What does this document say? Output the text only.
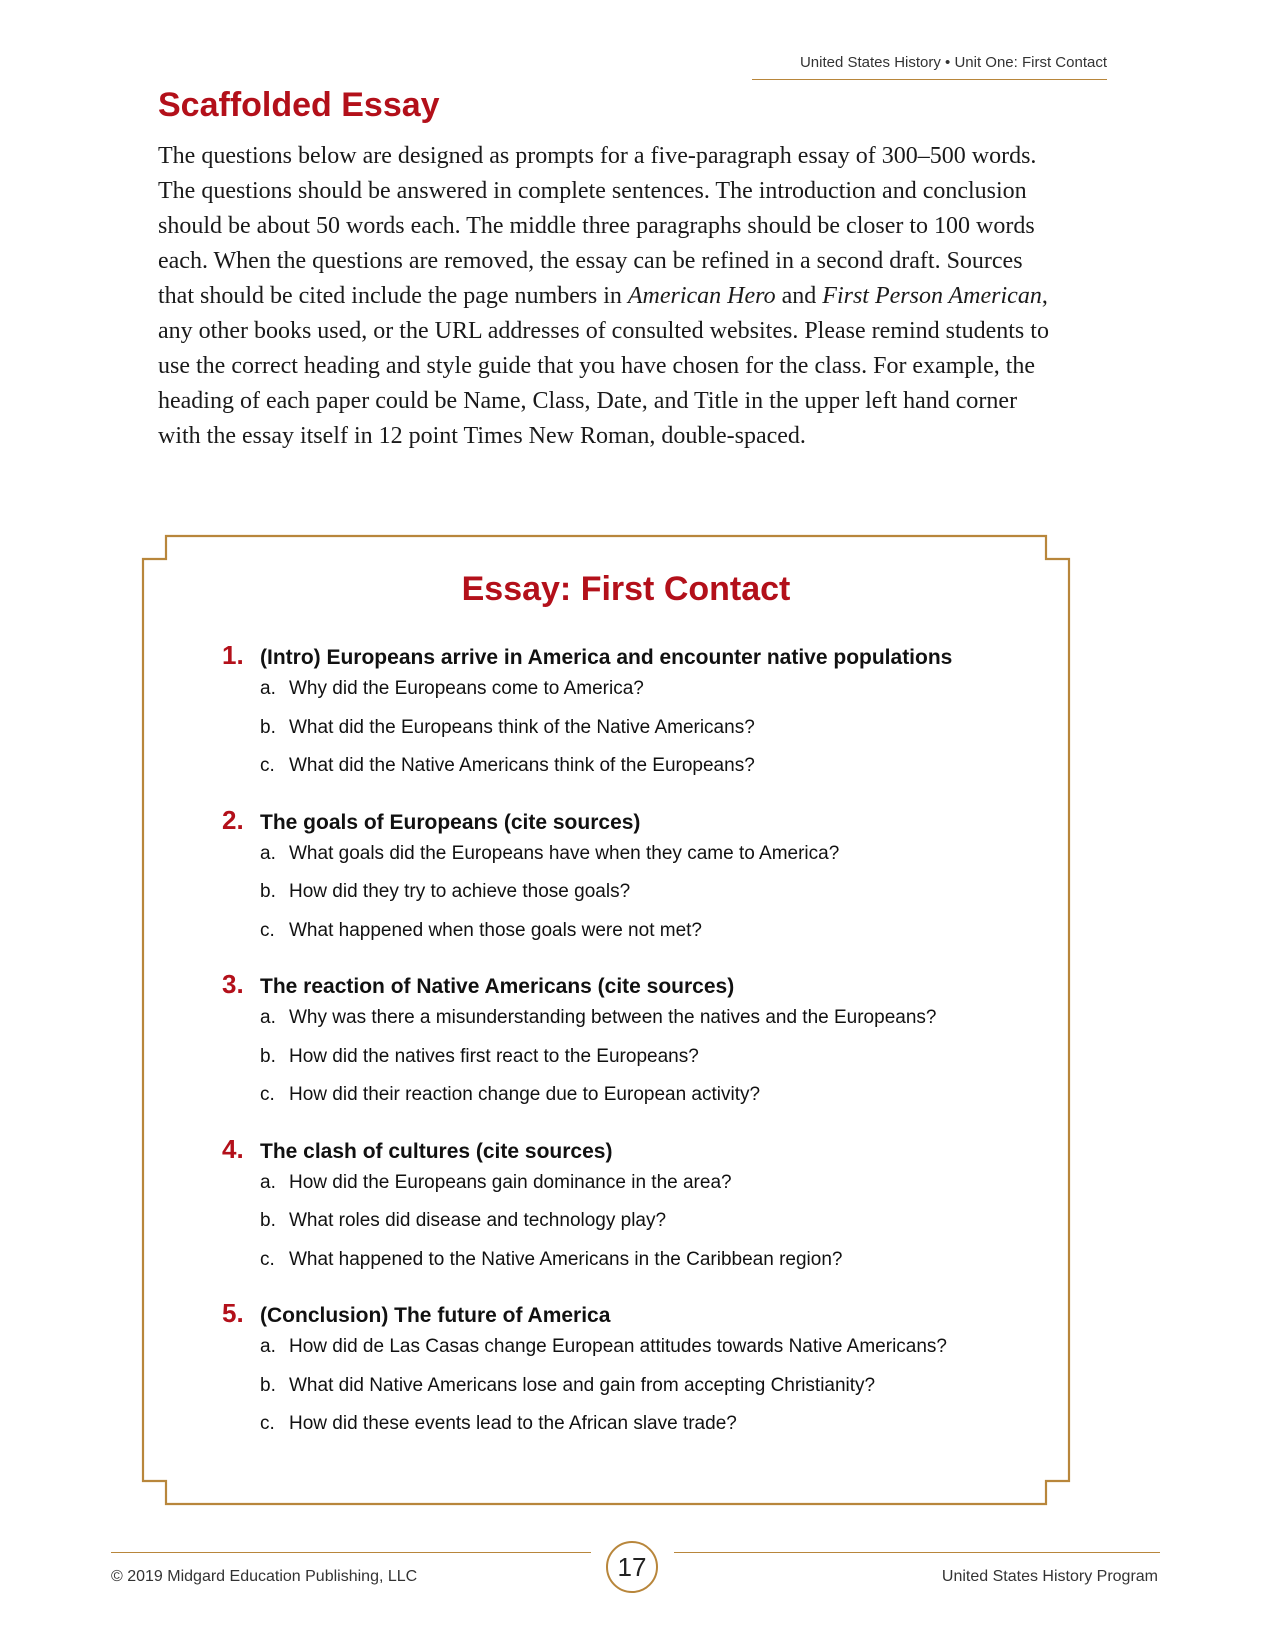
United States History • Unit One: First Contact
Scaffolded Essay

The questions below are designed as prompts for a five-paragraph essay of 300–500 words. The questions should be answered in complete sentences. The introduction and conclusion should be about 50 words each. The middle three paragraphs should be closer to 100 words each. When the questions are removed, the essay can be refined in a second draft. Sources that should be cited include the page numbers in American Hero and First Person American, any other books used, or the URL addresses of consulted websites. Please remind students to use the correct heading and style guide that you have chosen for the class. For example, the heading of each paper could be Name, Class, Date, and Title in the upper left hand corner with the essay itself in 12 point Times New Roman, double-spaced.

Essay: First Contact
1. (Intro) Europeans arrive in America and encounter native populations
a. Why did the Europeans come to America?
b. What did the Europeans think of the Native Americans?
c. What did the Native Americans think of the Europeans?
2. The goals of Europeans (cite sources)
a. What goals did the Europeans have when they came to America?
b. How did they try to achieve those goals?
c. What happened when those goals were not met?
3. The reaction of Native Americans (cite sources)
a. Why was there a misunderstanding between the natives and the Europeans?
b. How did the natives first react to the Europeans?
c. How did their reaction change due to European activity?
4. The clash of cultures (cite sources)
a. How did the Europeans gain dominance in the area?
b. What roles did disease and technology play?
c. What happened to the Native Americans in the Caribbean region?
5. (Conclusion) The future of America
a. How did de Las Casas change European attitudes towards Native Americans?
b. What did Native Americans lose and gain from accepting Christianity?
c. How did these events lead to the African slave trade?
© 2019 Midgard Education Publishing, LLC	17	United States History Program
